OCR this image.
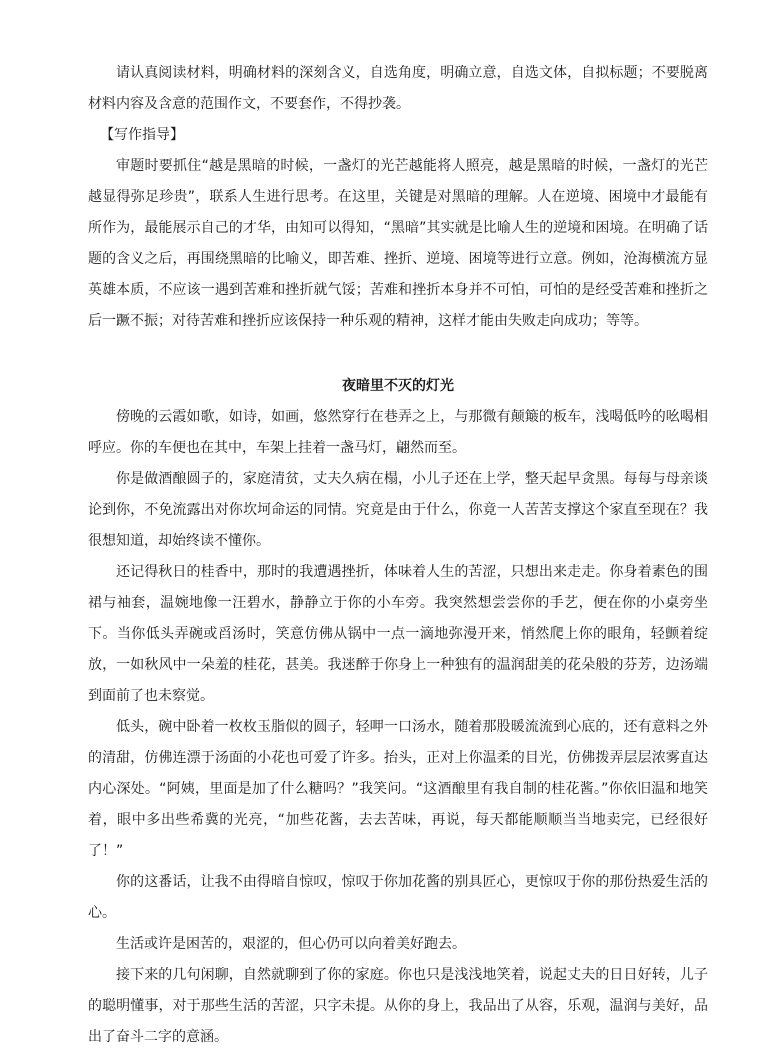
请认真阅读材料，明确材料的深刻含义，自选角度，明确立意，自选文体，自拟标题；不要脱离材料内容及含意的范围作文，不要套作，不得抄袭。

【写作指导】

审题时要抓住“越是黑暗的时候，一盏灯的光芒越能将人照亮，越是黑暗的时候，一盏灯的光芒越显得弥足珍贵”，联系人生进行思考。在这里，关键是对黑暗的理解。人在逆境、困境中才最能有所作为，最能展示自己的才华，由知可以得知，“黑暗”其实就是比喻人生的逆境和困境。在明确了话题的含义之后，再围绕黑暗的比喻义，即苦难、挫折、逆境、困境等进行立意。例如，沧海横流方显英雄本质，不应该一遇到苦难和挫折就气馁；苦难和挫折本身并不可怕，可怕的是经受苦难和挫折之后一蹶不振；对待苦难和挫折应该保持一种乐观的精神，这样才能由失败走向成功；等等。

夜暗里不灭的灯光

傍晚的云霞如歌，如诗，如画，悠然穿行在巷弄之上，与那微有颠簸的板车，浅喝低吟的吆喝相呼应。你的车便也在其中，车架上挂着一盏马灯，翩然而至。

你是做酒酿圆子的，家庭清贫，丈夫久病在榻，小儿子还在上学，整天起早贪黑。每每与母亲谈论到你，不免流露出对你坎坷命运的同情。究竟是由于什么，你竟一人苦苦支撑这个家直至现在？我很想知道，却始终读不懂你。

还记得秋日的桂香中，那时的我遭遇挫折，体味着人生的苦涩，只想出来走走。你身着素色的围裙与袖套，温婉地像一汪碧水，静静立于你的小车旁。我突然想尝尝你的手艺，便在你的小桌旁坐下。当你低头弄碗或舀汤时，笑意仿佛从锅中一点一滴地弥漫开来，悄然爬上你的眼角，轻颤着绽放，一如秋风中一朵羞的桂花，甚美。我迷醉于你身上一种独有的温润甜美的花朵般的芬芳，边汤端到面前了也未察觉。

低头，碗中卧着一枚枚玉脂似的圆子，轻呷一口汤水，随着那股暖流流到心底的，还有意料之外的清甜，仿佛连漂于汤面的小花也可爱了许多。抬头，正对上你温柔的目光，仿佛拨弄层层浓雾直达内心深处。“阿姨，里面是加了什么糖吗？”我笑问。“这酒酿里有我自制的桂花酱。”你依旧温和地笑着，眼中多出些希冀的光亮，“加些花酱，去去苦味，再说，每天都能顺顺当当地卖完，已经很好了！”

你的这番话，让我不由得暗自惊叹，惊叹于你加花酱的别具匠心，更惊叹于你的那份热爱生活的心。

生活或许是困苦的，艰涩的，但心仍可以向着美好跑去。

接下来的几句闲聊，自然就聊到了你的家庭。你也只是浅浅地笑着，说起丈夫的日日好转，儿子的聪明懂事，对于那些生活的苦涩，只字未提。从你的身上，我品出了从容，乐观，温润与美好，品出了奋斗二字的意涵。
